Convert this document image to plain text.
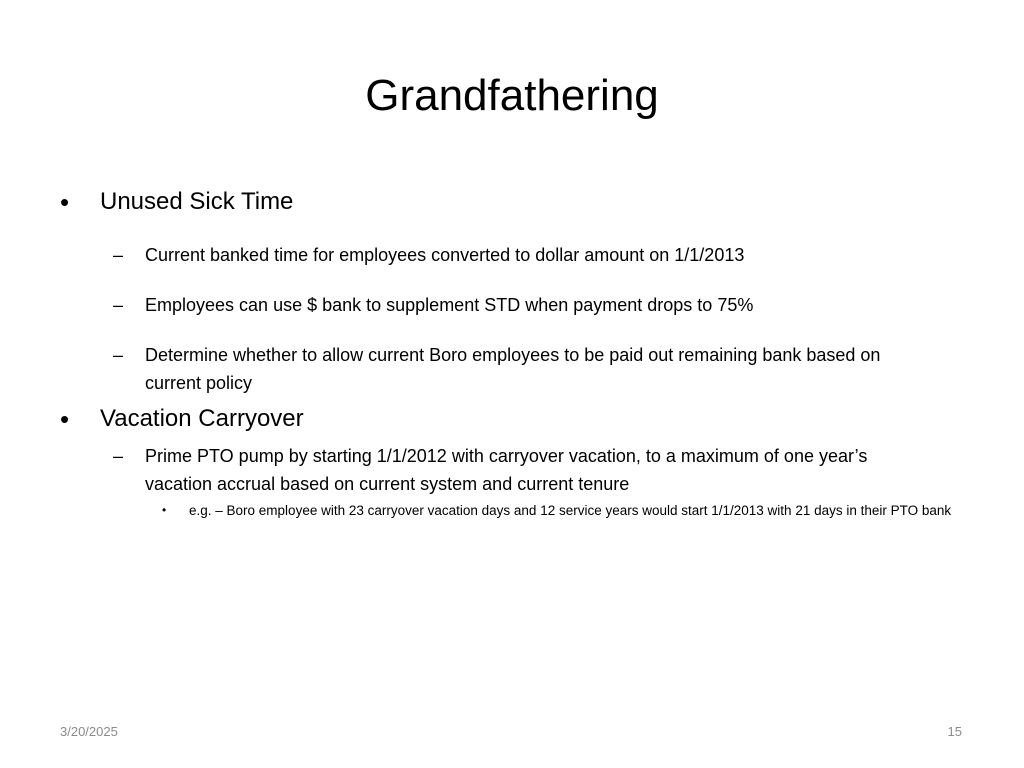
Grandfathering
• Unused Sick Time
– Current banked time for employees converted to dollar amount on 1/1/2013
– Employees can use $ bank to supplement STD when payment drops to 75%
– Determine whether to allow current Boro employees to be paid out remaining bank based on current policy
• Vacation Carryover
– Prime PTO pump by starting 1/1/2012 with carryover vacation, to a maximum of one year’s vacation accrual based on current system and current tenure
• e.g. – Boro employee with 23 carryover vacation days and 12 service years would start 1/1/2013 with 21 days in their PTO bank
3/20/2025	15
